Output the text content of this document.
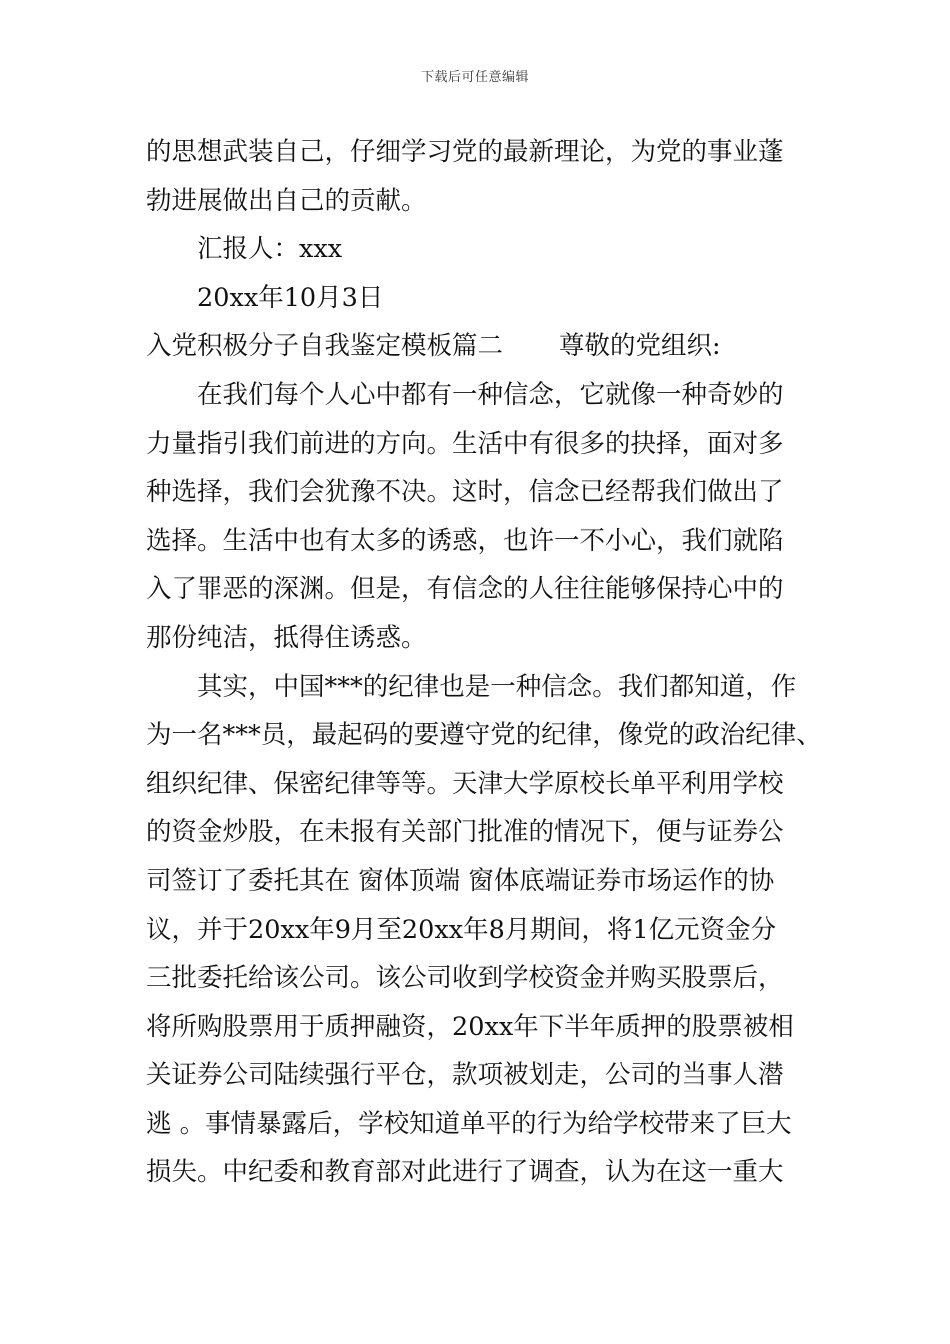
下载后可任意编辑
的思想武装自己，仔细学习党的最新理论，为党的事业蓬
勃进展做出自己的贡献。
汇报人：xxx
20xx年10月3日
入党积极分子自我鉴定模板篇二 尊敬的党组织:
在我们每个人心中都有一种信念，它就像一种奇妙的
力量指引我们前进的方向。生活中有很多的抉择，面对多
种选择，我们会犹豫不决。这时，信念已经帮我们做出了
选择。生活中也有太多的诱惑，也许一不小心，我们就陷
入了罪恶的深渊。但是，有信念的人往往能够保持心中的
那份纯洁，抵得住诱惑。
其实，中国***的纪律也是一种信念。我们都知道，作
为一名***员，最起码的要遵守党的纪律，像党的政治纪律、
组织纪律、保密纪律等等。天津大学原校长单平利用学校
的资金炒股，在未报有关部门批准的情况下，便与证券公
司签订了委托其在 窗体顶端 窗体底端证券市场运作的协
议，并于20xx年9月至20xx年8月期间，将1亿元资金分
三批委托给该公司。该公司收到学校资金并购买股票后，
将所购股票用于质押融资，20xx年下半年质押的股票被相
关证券公司陆续强行平仓，款项被划走，公司的当事人潜
逃 。事情暴露后，学校知道单平的行为给学校带来了巨大
损失。中纪委和教育部对此进行了调查，认为在这一重大
